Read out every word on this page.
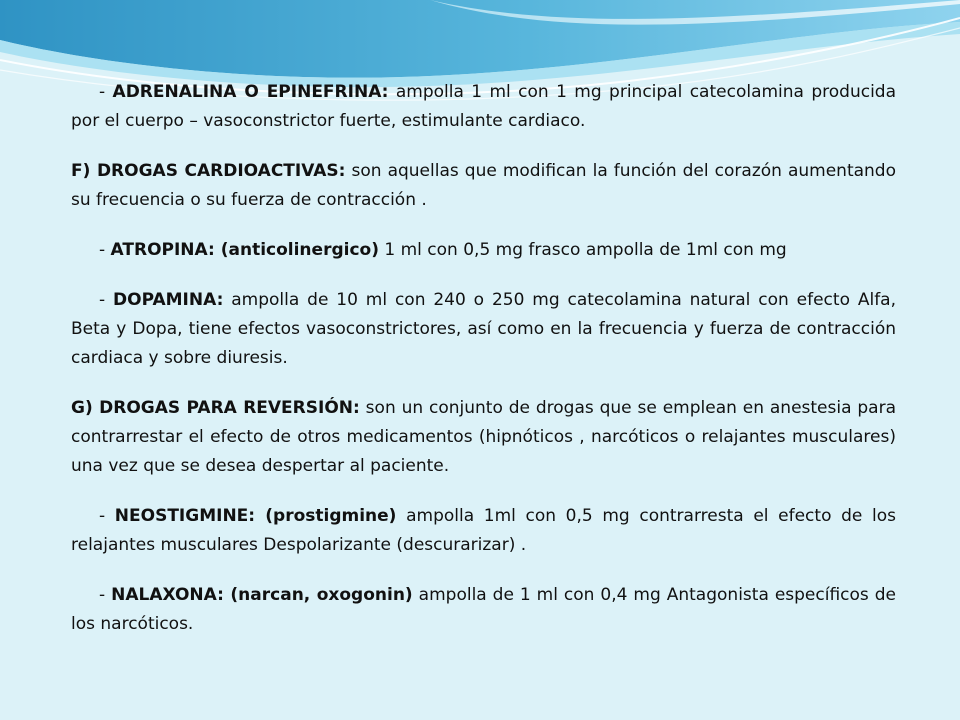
- ADRENALINA O EPINEFRINA: ampolla 1 ml con 1 mg principal catecolamina producida por el cuerpo – vasoconstrictor fuerte, estimulante cardiaco.

F) DROGAS CARDIOACTIVAS: son aquellas que modifican la función del corazón aumentando su frecuencia o su fuerza de contracción .

- ATROPINA: (anticolinergico) 1 ml con 0,5 mg frasco ampolla de 1ml con mg

- DOPAMINA: ampolla de 10 ml con 240 o 250 mg catecolamina natural con efecto Alfa, Beta y Dopa, tiene efectos vasoconstrictores, así como en la frecuencia y fuerza de contracción cardiaca y sobre diuresis.

G) DROGAS PARA REVERSIÓN: son un conjunto de drogas que se emplean en anestesia para contrarrestar el efecto de otros medicamentos (hipnóticos , narcóticos o relajantes musculares) una vez que se desea despertar al paciente.

- NEOSTIGMINE: (prostigmine) ampolla 1ml con 0,5 mg contrarresta el efecto de los relajantes musculares Despolarizante (descurarizar) .

- NALAXONA: (narcan, oxogonin) ampolla de 1 ml con 0,4 mg Antagonista específicos de los narcóticos.
